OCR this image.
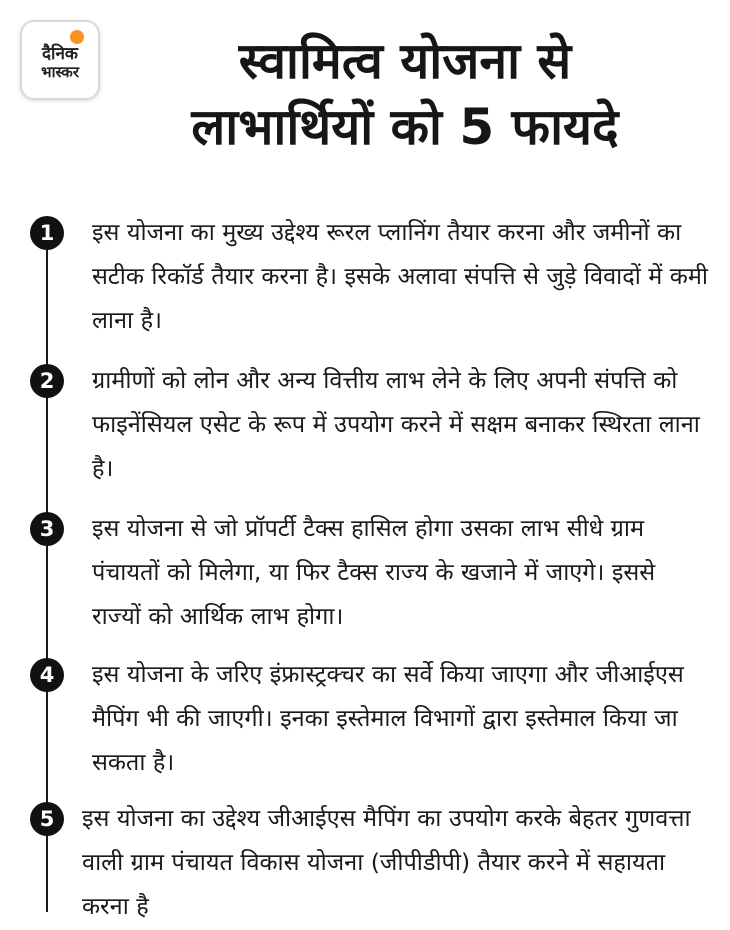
दैनिक
भास्कर	स्वामित्व योजना से
लाभार्थियों को 5 फायदे
1	इस योजना का मुख्य उद्देश्य रूरल प्लानिंग तैयार करना और जमीनों का सटीक रिकॉर्ड तैयार करना है। इसके अलावा संपत्ति से जुड़े विवादों में कमी लाना है।
2	ग्रामीणों को लोन और अन्य वित्तीय लाभ लेने के लिए अपनी संपत्ति को फाइनेंसियल एसेट के रूप में उपयोग करने में सक्षम बनाकर स्थिरता लाना है।
3	इस योजना से जो प्रॉपर्टी टैक्स हासिल होगा उसका लाभ सीधे ग्राम पंचायतों को मिलेगा, या फिर टैक्स राज्य के खजाने में जाएगे। इससे राज्यों को आर्थिक लाभ होगा।
4	इस योजना के जरिए इंफ्रास्ट्रक्चर का सर्वे किया जाएगा और जीआईएस मैपिंग भी की जाएगी। इनका इस्तेमाल विभागों द्वारा इस्तेमाल किया जा सकता है।
5	इस योजना का उद्देश्य जीआईएस मैपिंग का उपयोग करके बेहतर गुणवत्ता वाली ग्राम पंचायत विकास योजना (जीपीडीपी) तैयार करने में सहायता करना है
